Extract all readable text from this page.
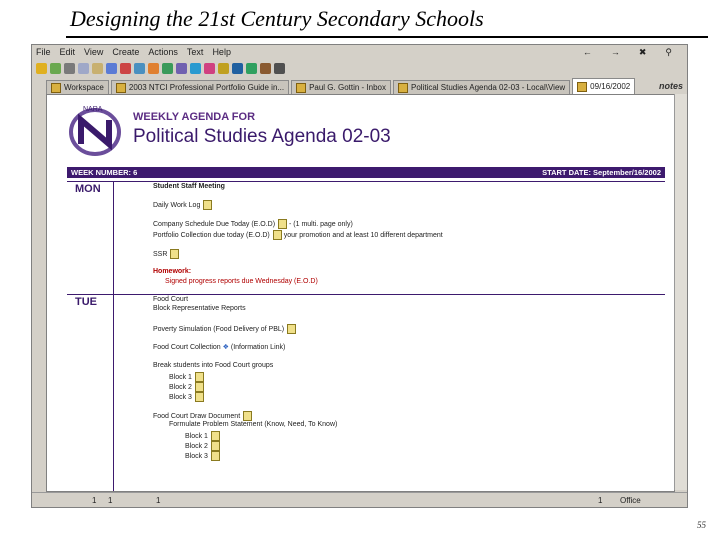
Designing the 21st Century Secondary Schools
File Edit View Create Actions Text Help	← → ✖ ⚲
Workspace	2003 NTCI Professional Portfolio Guide in...	Paul G. Gottin - Inbox	Political Studies Agenda 02-03 - Local\View	09/16/2002	notes
NARA
WEEKLY AGENDA FOR
Political Studies Agenda 02-03
WEEK NUMBER: 6	START DATE: September/16/2002
MON	Student Staff Meeting
Daily Work Log
Company Schedule Due Today (E.O.D) - (1 multi. page only)
Portfolio Collection due today (E.O.D) your promotion and at least 10 different department
SSR
Homework:
Signed progress reports due Wednesday (E.O.D)
TUE	Food Court
Block Representative Reports
Poverty Simulation (Food Delivery of PBL)
Food Court Collection ❖ (Information Link)
Break students into Food Court groups
Block 1
Block 2
Block 3
Food Court Draw Document
Formulate Problem Statement (Know, Need, To Know)
Block 1
Block 2
Block 3
1 1	1	1 Office
55
